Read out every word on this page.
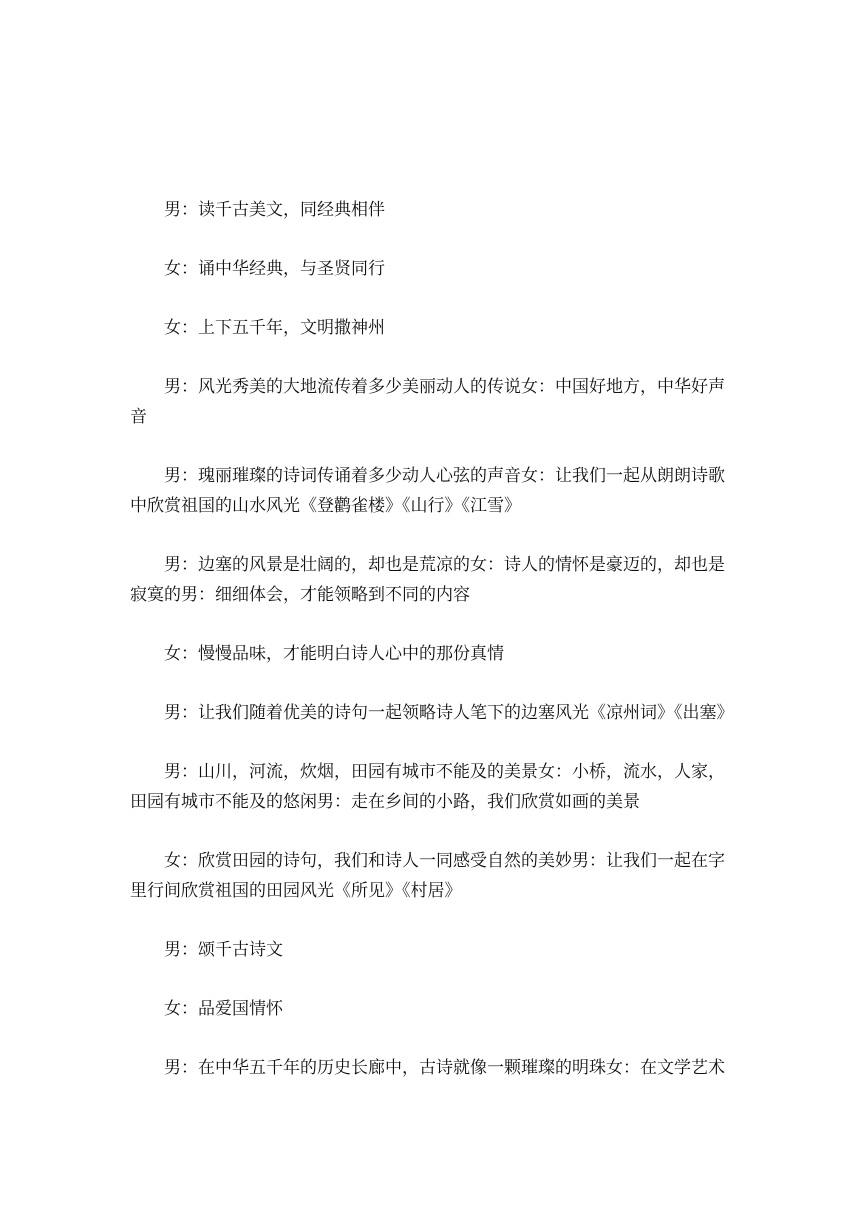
男：读千古美文，同经典相伴

女：诵中华经典，与圣贤同行

女：上下五千年，文明撒神州

男：风光秀美的大地流传着多少美丽动人的传说女：中国好地方，中华好声音

男：瑰丽璀璨的诗词传诵着多少动人心弦的声音女：让我们一起从朗朗诗歌中欣赏祖国的山水风光《登鹳雀楼》《山行》《江雪》

男：边塞的风景是壮阔的，却也是荒凉的女：诗人的情怀是豪迈的，却也是寂寞的男：细细体会，才能领略到不同的内容

女：慢慢品味，才能明白诗人心中的那份真情

男：让我们随着优美的诗句一起领略诗人笔下的边塞风光《凉州词》《出塞》

男：山川，河流，炊烟，田园有城市不能及的美景女：小桥，流水，人家，田园有城市不能及的悠闲男：走在乡间的小路，我们欣赏如画的美景

女：欣赏田园的诗句，我们和诗人一同感受自然的美妙男：让我们一起在字里行间欣赏祖国的田园风光《所见》《村居》

男：颂千古诗文

女：品爱国情怀

男：在中华五千年的历史长廊中，古诗就像一颗璀璨的明珠女：在文学艺术
